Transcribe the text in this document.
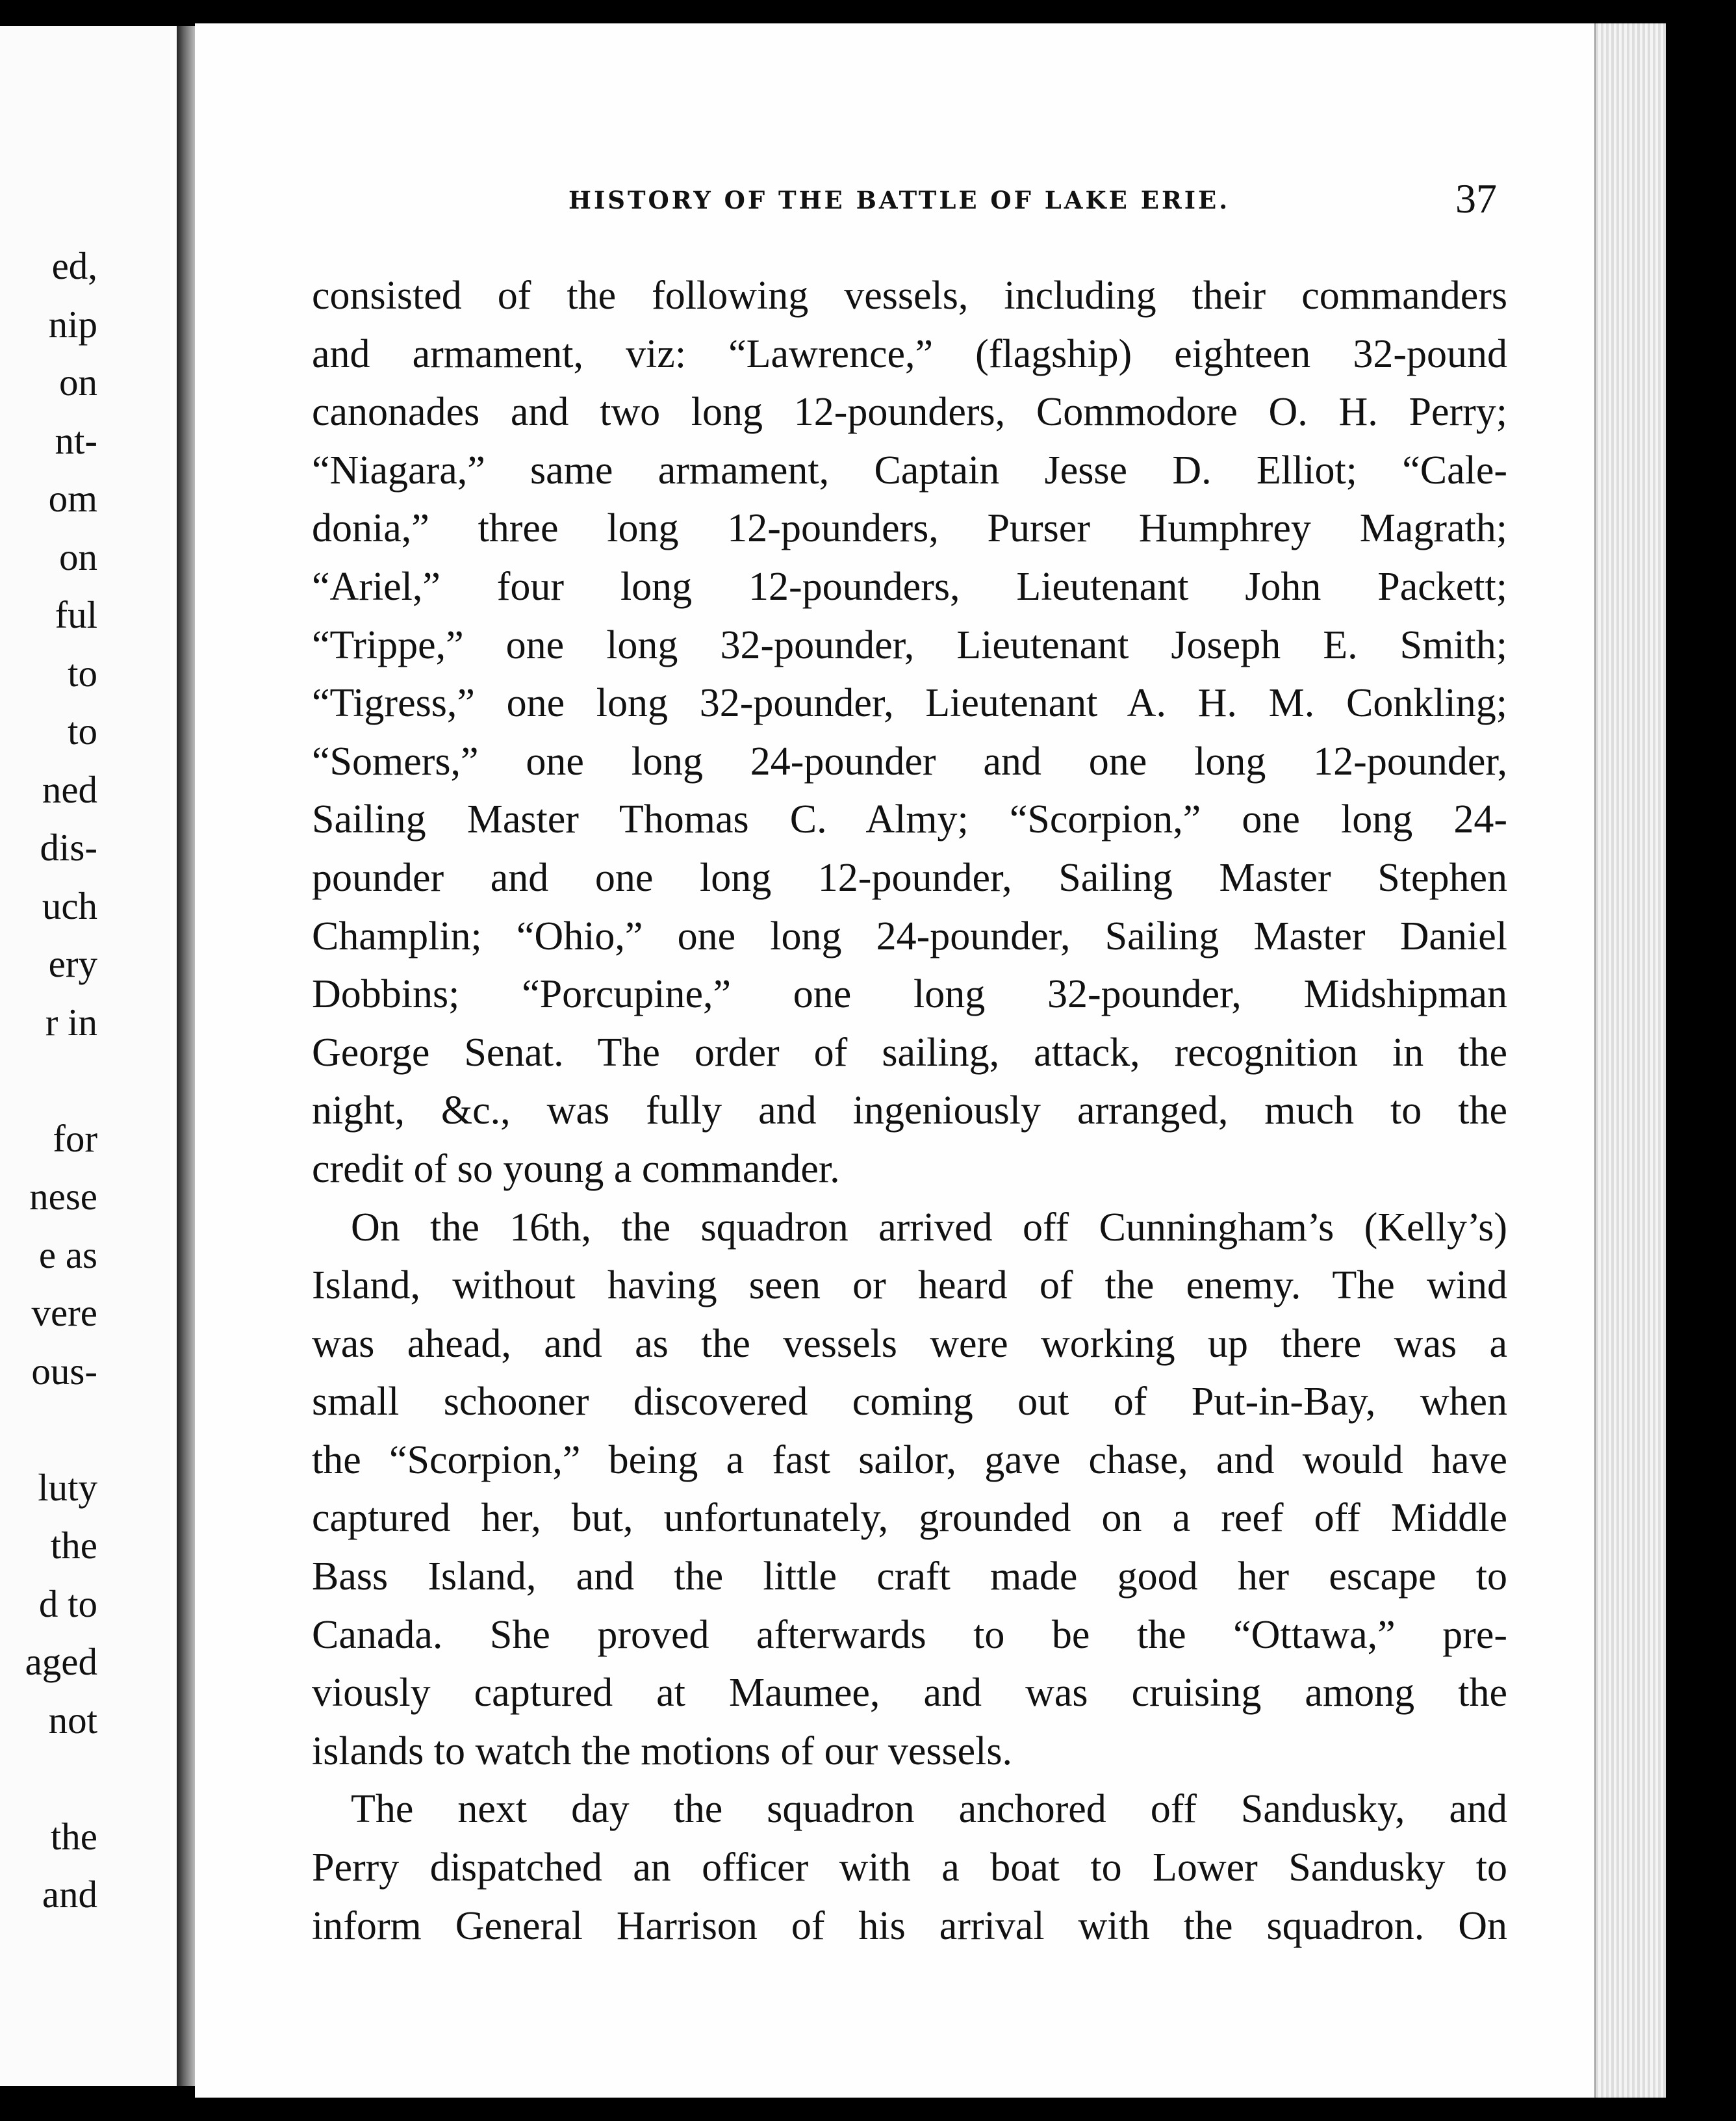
ed,
nip
on
nt-
om
on
ful
to
to
ned
dis-
uch
ery
r in
for
nese
e as
vere
ous-
luty
the
d to
aged
not
the
and
HISTORY OF THE BATTLE OF LAKE ERIE.	37
consisted of the following vessels, including their commanders
and armament, viz: “Lawrence,” (flagship) eighteen 32-pound
canonades and two long 12-pounders, Commodore O. H. Perry;
“Niagara,” same armament, Captain Jesse D. Elliot; “Cale-
donia,” three long 12-pounders, Purser Humphrey Magrath;
“Ariel,” four long 12-pounders, Lieutenant John Packett;
“Trippe,” one long 32-pounder, Lieutenant Joseph E. Smith;
“Tigress,” one long 32-pounder, Lieutenant A. H. M. Conkling;
“Somers,” one long 24-pounder and one long 12-pounder,
Sailing Master Thomas C. Almy; “Scorpion,” one long 24-
pounder and one long 12-pounder, Sailing Master Stephen
Champlin; “Ohio,” one long 24-pounder, Sailing Master Daniel
Dobbins; “Porcupine,” one long 32-pounder, Midshipman
George Senat. The order of sailing, attack, recognition in the
night, &c., was fully and ingeniously arranged, much to the
credit of so young a commander.
On the 16th, the squadron arrived off Cunningham’s (Kelly’s)
Island, without having seen or heard of the enemy. The wind
was ahead, and as the vessels were working up there was a
small schooner discovered coming out of Put-in-Bay, when
the “Scorpion,” being a fast sailor, gave chase, and would have
captured her, but, unfortunately, grounded on a reef off Middle
Bass Island, and the little craft made good her escape to
Canada. She proved afterwards to be the “Ottawa,” pre-
viously captured at Maumee, and was cruising among the
islands to watch the motions of our vessels.
The next day the squadron anchored off Sandusky, and
Perry dispatched an officer with a boat to Lower Sandusky to
inform General Harrison of his arrival with the squadron. On
